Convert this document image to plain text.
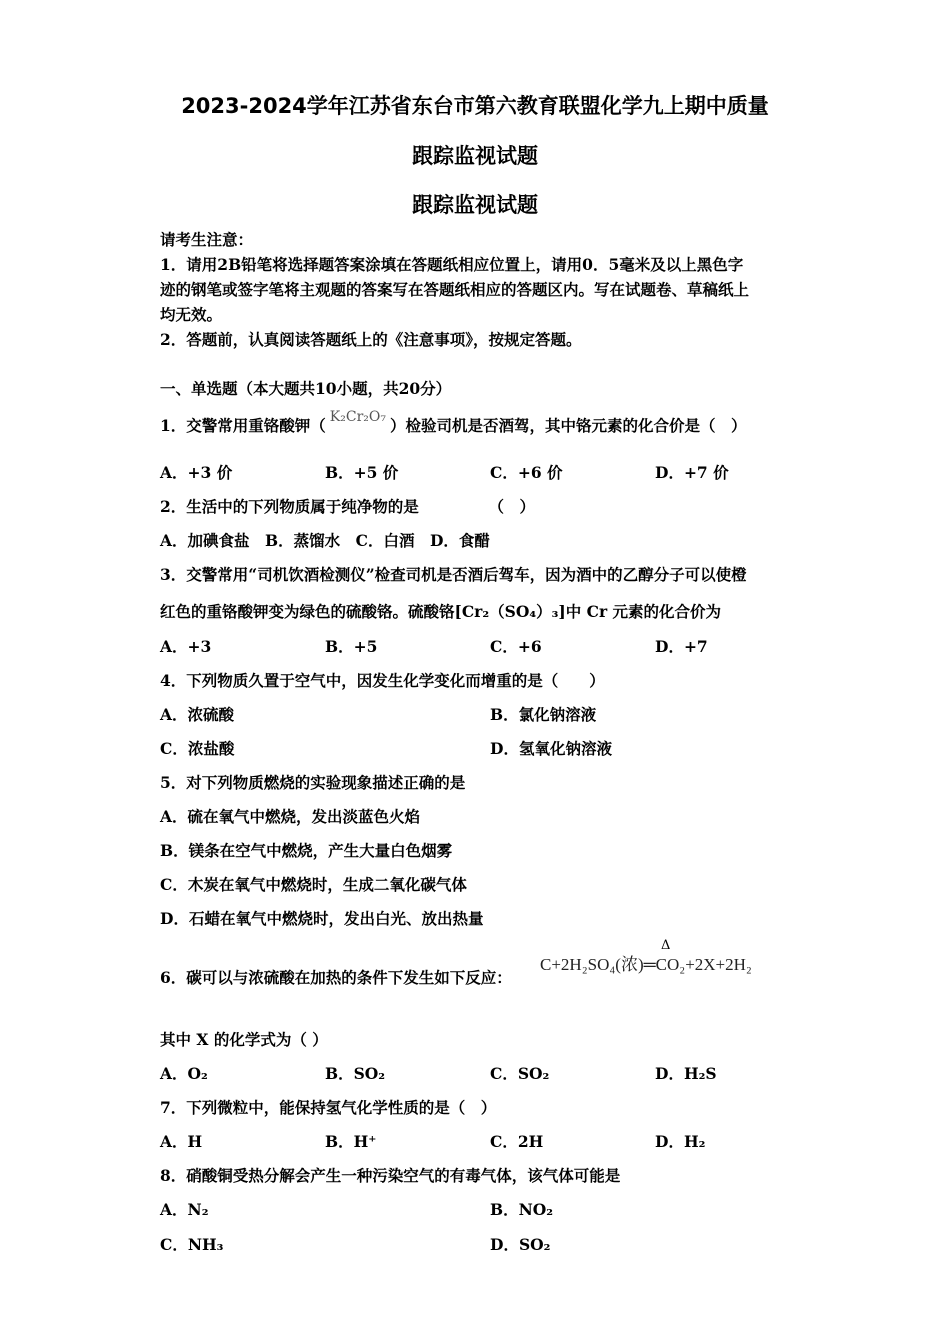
2023-2024学年江苏省东台市第六教育联盟化学九上期中质量
跟踪监视试题
跟踪监视试题
请考生注意：
1．请用2B铅笔将选择题答案涂填在答题纸相应位置上，请用0．5毫米及以上黑色字
迹的钢笔或签字笔将主观题的答案写在答题纸相应的答题区内。写在试题卷、草稿纸上
均无效。
2．答题前，认真阅读答题纸上的《注意事项》，按规定答题。
一、单选题（本大题共10小题，共20分）
1．交警常用重铬酸钾（ K₂Cr₂O₇ ）检验司机是否酒驾，其中铬元素的化合价是（　）
A．+3 价	B．+5 价	C．+6 价	D．+7 价
2．生活中的下列物质属于纯净物的是　　　　　（　）
A．加碘食盐　B．蒸馏水　C．白酒　D．食醋
3．交警常用“司机饮酒检测仪”检查司机是否酒后驾车，因为酒中的乙醇分子可以使橙
红色的重铬酸钾变为绿色的硫酸铬。硫酸铬[Cr₂（SO₄）₃]中 Cr 元素的化合价为
A．+3	B．+5	C．+6	D．+7
4．下列物质久置于空气中，因发生化学变化而增重的是（　　）
A．浓硫酸	B．氯化钠溶液
C．浓盐酸	D．氢氧化钠溶液
5．对下列物质燃烧的实验现象描述正确的是
A．硫在氧气中燃烧，发出淡蓝色火焰
B．镁条在空气中燃烧，产生大量白色烟雾
C．木炭在氧气中燃烧时，生成二氧化碳气体
D．石蜡在氧气中燃烧时，发出白光、放出热量
6．碳可以与浓硫酸在加热的条件下发生如下反应：
Δ
C+2H₂SO₄(浓)═CO₂+2X+2H₂
其中 X 的化学式为（ ）
A．O₂	B．SO₂	C．SO₂	D．H₂S
7．下列微粒中，能保持氢气化学性质的是（　）
A．H	B．H⁺	C．2H	D．H₂
8．硝酸铜受热分解会产生一种污染空气的有毒气体，该气体可能是
A．N₂	B．NO₂
C．NH₃	D．SO₂
